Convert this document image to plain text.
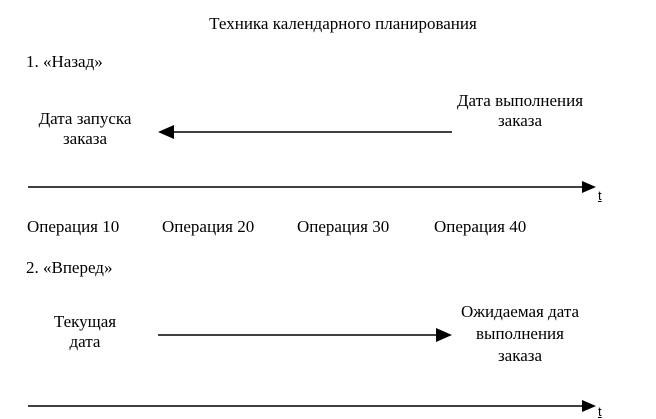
Техника календарного планирования
1. «Назад»
Дата запуска
заказа
Дата выполнения
заказа
Операция 10	Операция 20	Операция 30	Операция 40
t
2. «Вперед»
Текущая
дата
Ожидаемая дата
выполнения
заказа
t
